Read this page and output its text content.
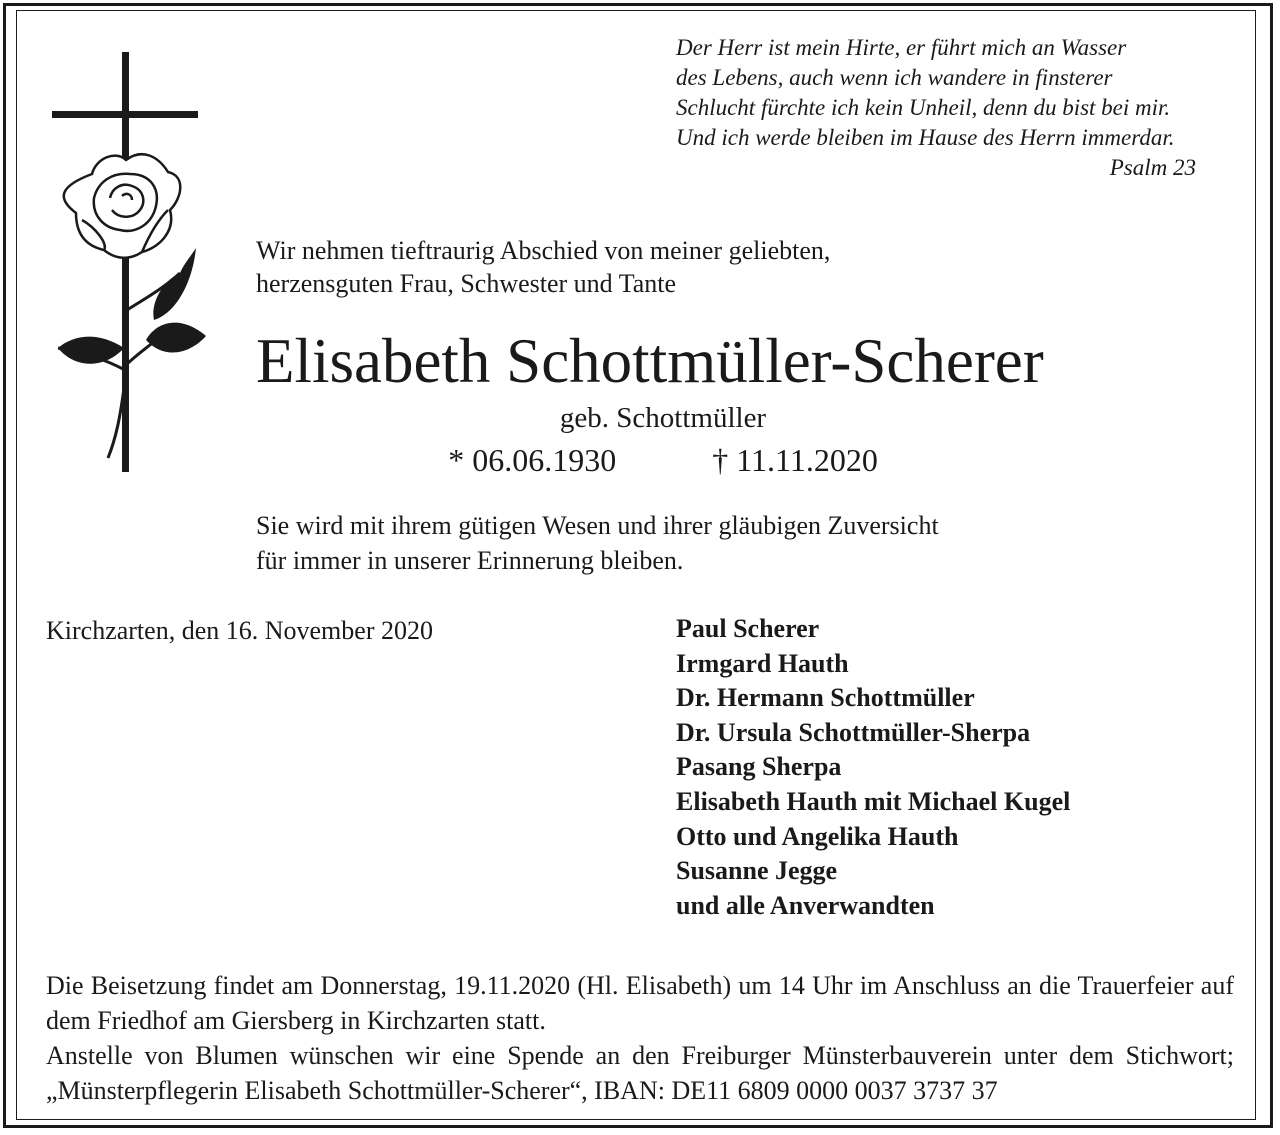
Der Herr ist mein Hirte, er führt mich an Wasser
des Lebens, auch wenn ich wandere in finsterer
Schlucht fürchte ich kein Unheil, denn du bist bei mir.
Und ich werde bleiben im Hause des Herrn immerdar.
Psalm 23
Wir nehmen tieftraurig Abschied von meiner geliebten,
herzensguten Frau, Schwester und Tante
Elisabeth Schottmüller-Scherer
geb. Schottmüller
* 06.06.1930	† 11.11.2020
Sie wird mit ihrem gütigen Wesen und ihrer gläubigen Zuversicht
für immer in unserer Erinnerung bleiben.
Kirchzarten, den 16. November 2020	Paul Scherer
Irmgard Hauth
Dr. Hermann Schottmüller
Dr. Ursula Schottmüller-Sherpa
Pasang Sherpa
Elisabeth Hauth mit Michael Kugel
Otto und Angelika Hauth
Susanne Jegge
und alle Anverwandten

Die Beisetzung findet am Donnerstag, 19.11.2020 (Hl. Elisabeth) um 14 Uhr im Anschluss an die Trauerfeier auf dem Friedhof am Giersberg in Kirchzarten statt.

Anstelle von Blumen wünschen wir eine Spende an den Freiburger Münsterbauverein unter dem Stichwort; „Münsterpflegerin Elisabeth Schottmüller-Scherer“, IBAN: DE11 6809 0000 0037 3737 37
